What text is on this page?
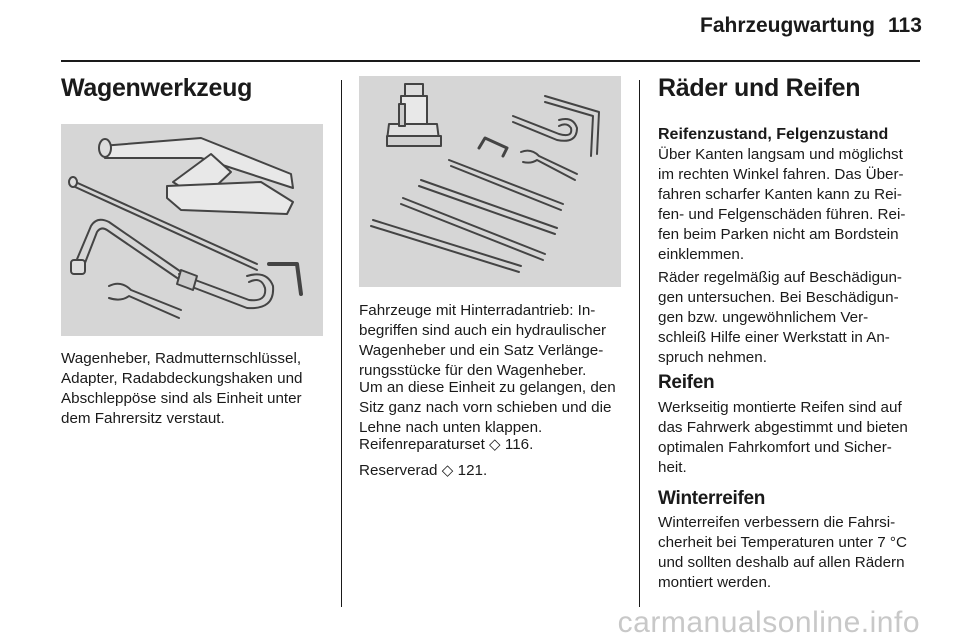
Fahrzeugwartung 113
Wagenwerkzeug

Wagenheber, Radmutternschlüssel,
Adapter, Radabdeckungshaken und
Abschleppöse sind als Einheit unter
dem Fahrersitz verstaut.

Fahrzeuge mit Hinterradantrieb: In-
begriffen sind auch ein hydraulischer
Wagenheber und ein Satz Verlänge-
rungsstücke für den Wagenheber.

Um an diese Einheit zu gelangen, den
Sitz ganz nach vorn schieben und die
Lehne nach unten klappen.

Reifenreparaturset ◇ 116.

Reserverad ◇ 121.

Räder und Reifen
Reifenzustand, Felgenzustand

Über Kanten langsam und möglichst
im rechten Winkel fahren. Das Über-
fahren scharfer Kanten kann zu Rei-
fen- und Felgenschäden führen. Rei-
fen beim Parken nicht am Bordstein
einklemmen.

Räder regelmäßig auf Beschädigun-
gen untersuchen. Bei Beschädigun-
gen bzw. ungewöhnlichem Ver-
schleiß Hilfe einer Werkstatt in An-
spruch nehmen.

Reifen

Werkseitig montierte Reifen sind auf
das Fahrwerk abgestimmt und bieten
optimalen Fahrkomfort und Sicher-
heit.

Winterreifen

Winterreifen verbessern die Fahrsi-
cherheit bei Temperaturen unter 7 °C
und sollten deshalb auf allen Rädern
montiert werden.

carmanualsonline.info
